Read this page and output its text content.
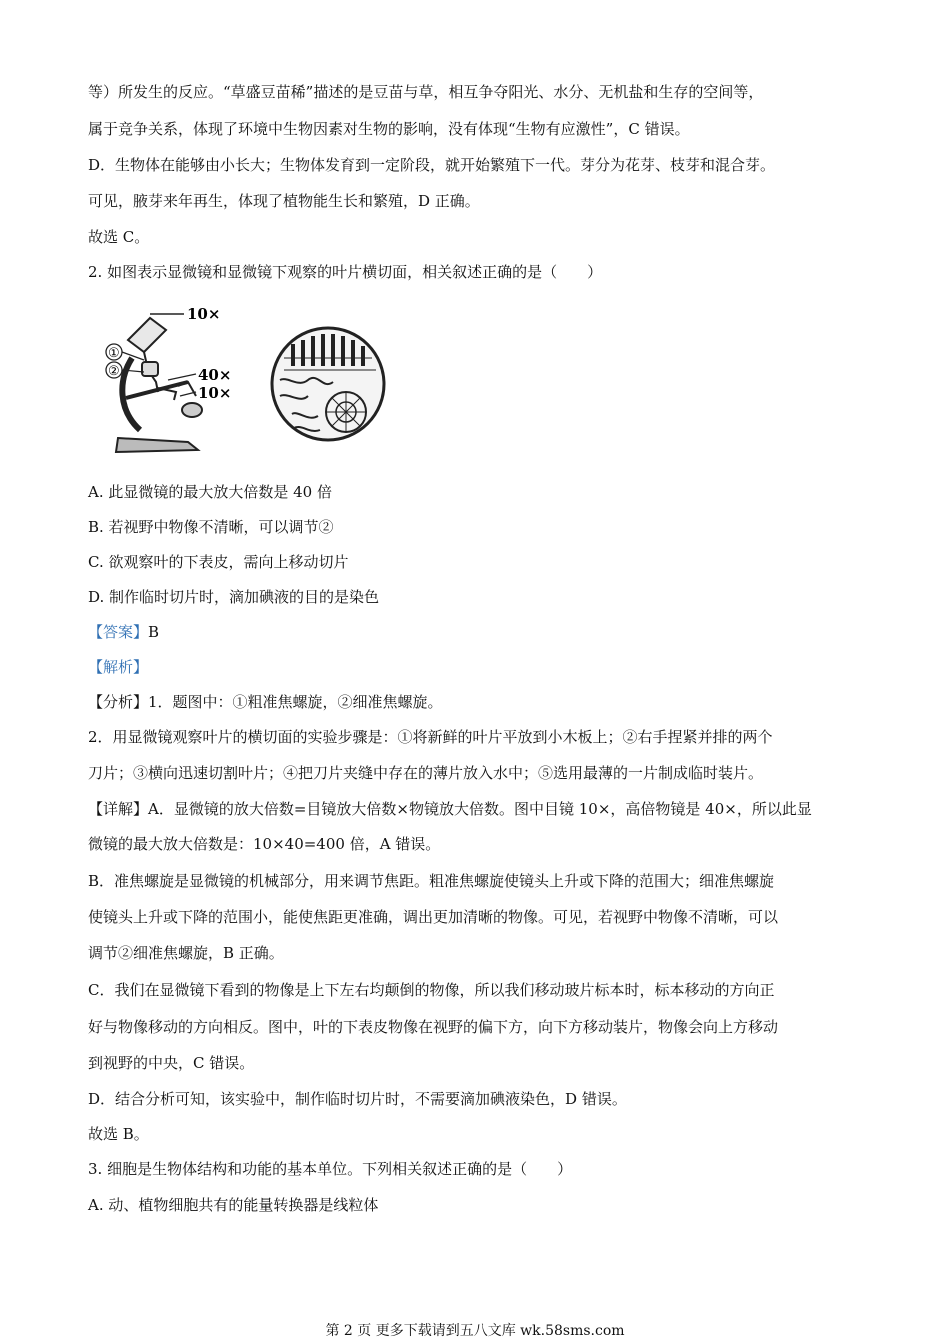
等）所发生的反应。“草盛豆苗稀”描述的是豆苗与草，相互争夺阳光、水分、无机盐和生存的空间等，
属于竞争关系，体现了环境中生物因素对生物的影响，没有体现“生物有应激性”，C 错误。
D．生物体在能够由小长大；生物体发育到一定阶段，就开始繁殖下一代。芽分为花芽、枝芽和混合芽。
可见，腋芽来年再生，体现了植物能生长和繁殖，D 正确。
故选 C。
2. 如图表示显微镜和显微镜下观察的叶片横切面，相关叙述正确的是（　　）
①
②
10×
40×
10×
A. 此显微镜的最大放大倍数是 40 倍
B. 若视野中物像不清晰，可以调节②
C. 欲观察叶的下表皮，需向上移动切片
D. 制作临时切片时，滴加碘液的目的是染色
【答案】B
【解析】
【分析】1．题图中：①粗准焦螺旋，②细准焦螺旋。
2．用显微镜观察叶片的横切面的实验步骤是：①将新鲜的叶片平放到小木板上；②右手捏紧并排的两个
刀片；③横向迅速切割叶片；④把刀片夹缝中存在的薄片放入水中；⑤选用最薄的一片制成临时装片。
【详解】A．显微镜的放大倍数=目镜放大倍数×物镜放大倍数。图中目镜 10×，高倍物镜是 40×，所以此显
微镜的最大放大倍数是：10×40=400 倍，A 错误。
B．准焦螺旋是显微镜的机械部分，用来调节焦距。粗准焦螺旋使镜头上升或下降的范围大；细准焦螺旋
使镜头上升或下降的范围小，能使焦距更准确，调出更加清晰的物像。可见，若视野中物像不清晰，可以
调节②细准焦螺旋，B 正确。
C．我们在显微镜下看到的物像是上下左右均颠倒的物像，所以我们移动玻片标本时，标本移动的方向正
好与物像移动的方向相反。图中，叶的下表皮物像在视野的偏下方，向下方移动装片，物像会向上方移动
到视野的中央，C 错误。
D．结合分析可知，该实验中，制作临时切片时，不需要滴加碘液染色，D 错误。
故选 B。
3. 细胞是生物体结构和功能的基本单位。下列相关叙述正确的是（　　）
A. 动、植物细胞共有的能量转换器是线粒体
第 2 页 更多下载请到五八文库 wk.58sms.com
